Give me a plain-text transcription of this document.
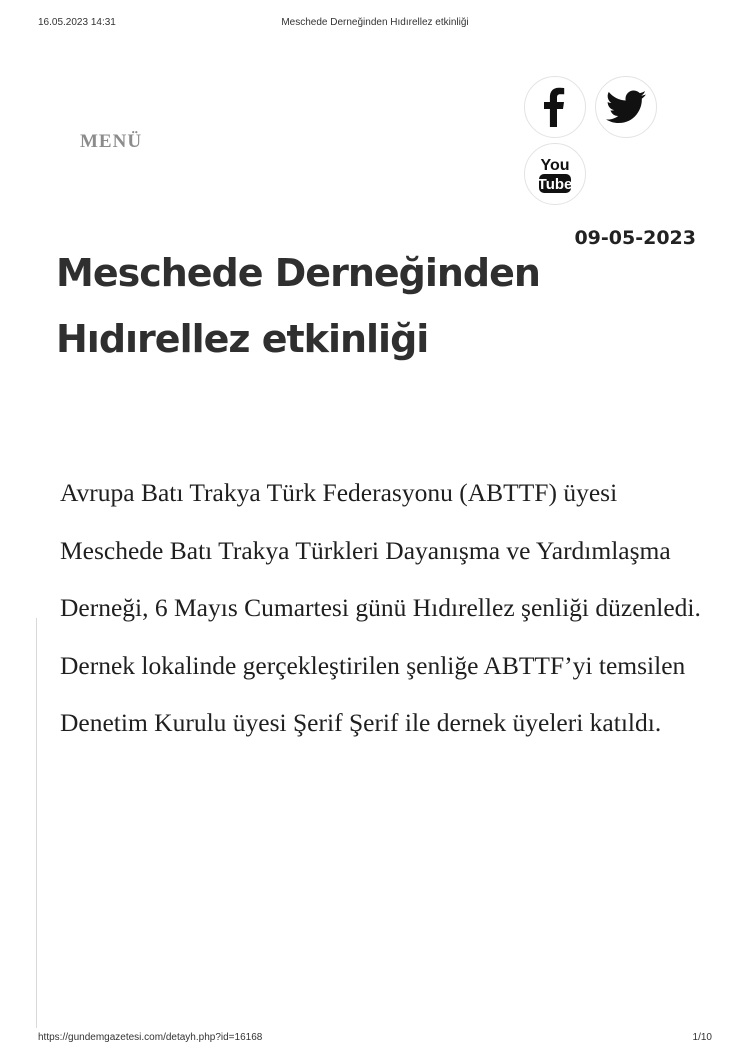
16.05.2023 14:31	Meschede Derneğinden Hıdırellez etkinliği
MENÜ
You
Tube
09-05-2023
Meschede Derneğinden Hıdırellez etkinliği

Avrupa Batı Trakya Türk Federasyonu (ABTTF) üyesi Meschede Batı Trakya Türkleri Dayanışma ve Yardımlaşma Derneği, 6 Mayıs Cumartesi günü Hıdırellez şenliği düzenledi. Dernek lokalinde gerçekleştirilen şenliğe ABTTF’yi temsilen Denetim Kurulu üyesi Şerif Şerif ile dernek üyeleri katıldı.

https://gundemgazetesi.com/detayh.php?id=16168	1/10
